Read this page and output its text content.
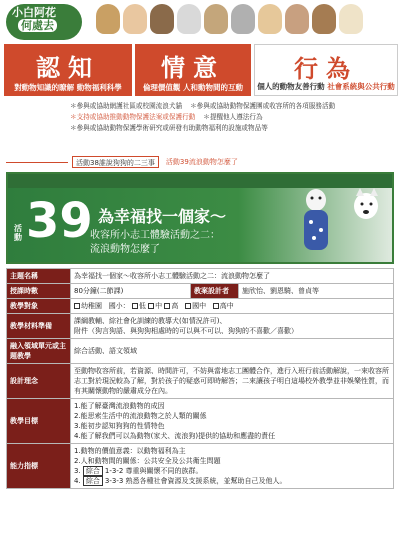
小白阿花
何處去
認知
對動物知識的瞭解 動物福利科學
情意
倫理價值觀 人和動物間的互動
行為
個人的動物友善行動 社會系統與公共行動
＊參與或協助網護社區或校園流浪犬貓 ＊參與或協助動物保護團或收容所的各項服務活動
＊支持或協助推動動物保護法案或保護行動 ＊提醒他人遵法行為
＊參與或協助動物保護學術研究或研發有助動物福利的設施或物品等
活動38誰說狗狗的二三事	活動39流浪動物怎麼了
活動 39 為幸福找一個家～
收容所小志工體驗活動之二：
流浪動物怎麼了
主題名稱	為幸福找一個家～收容所小志工體驗活動之二：流浪動物怎麼了		
授課時數	80分鐘(二節課)	教案設計者	施欣怡、劉恩騎、曾貞等
教學對象	幼稚園 國小： 低 中 高 國中 高中		
教學材料準備	課綱教輔、綜社會化訓練的教導犬(如情況許可)、
附件（狗言狗語、與狗狗相處時的可以與不可以、狗狗的不喜歡／喜歡）		

融入領域單元或主題教學	綜合活動、語文領域		
設計理念	至動物收容所前，若資源、時間許可，不妨與當地志工團體合作，進行入班行前活動解說，一來收容所志工對於現況較為了解，對於孩子的疑惑可即時解答；二來讓孩子明白這場校外教學並非娛樂性質，而有其關懷動物的嚴肅成分在內。		
教學目標	1.能了解臺灣流浪動物的成因
2.能思索生活中的流浪動物之於人類的關係
3.能初步認知狗狗的性情特色
4.能了解我們可以為動物(家犬、流浪狗)提供的協助和應盡的責任		

能力指標	1.動物的價值意義：以動物福利為主
2.人和動物間的關係：公共安全及公共衛生問題
3. 綜合 1-3-2 尊重與關懷不同的族群。
4. 綜合 3-3-3 熟悉各種社會資源及支援系統，並幫助自己及他人。		
